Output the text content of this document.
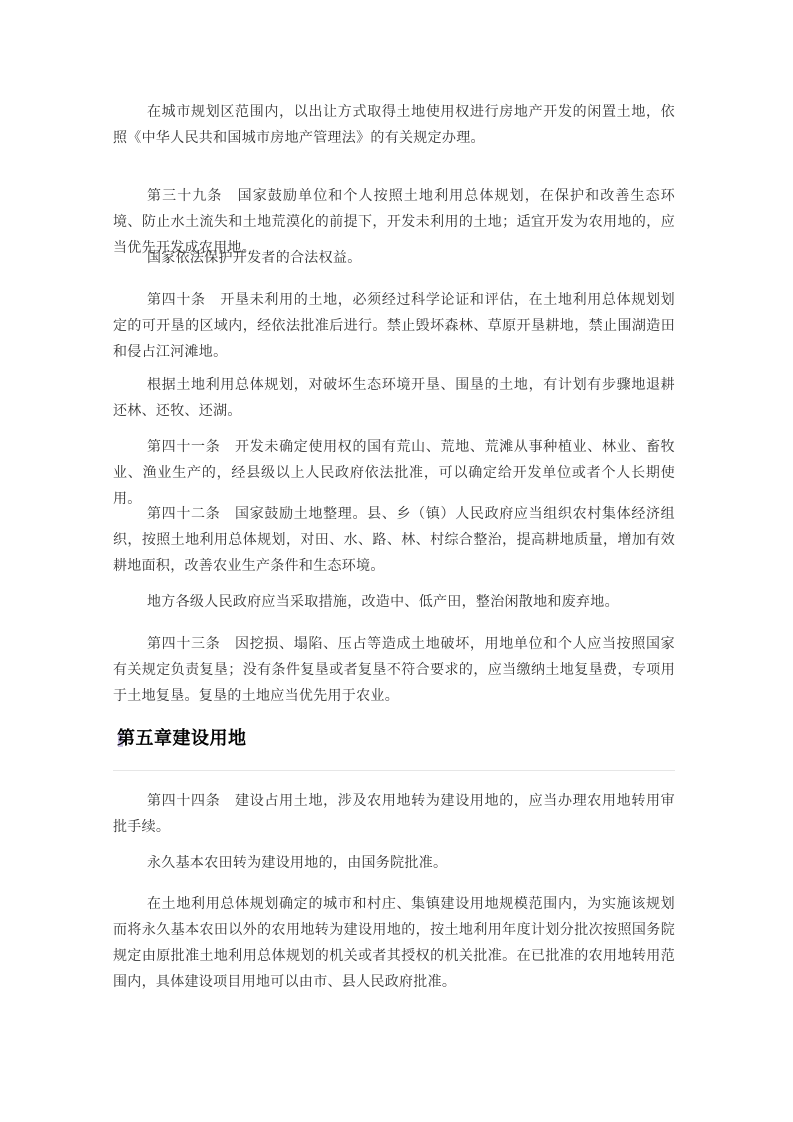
在城市规划区范围内，以出让方式取得土地使用权进行房地产开发的闲置土地，依照《中华人民共和国城市房地产管理法》的有关规定办理。

第三十九条　国家鼓励单位和个人按照土地利用总体规划，在保护和改善生态环境、防止水土流失和土地荒漠化的前提下，开发未利用的土地；适宜开发为农用地的，应当优先开发成农用地。

国家依法保护开发者的合法权益。

第四十条　开垦未利用的土地，必须经过科学论证和评估，在土地利用总体规划划定的可开垦的区域内，经依法批准后进行。禁止毁坏森林、草原开垦耕地，禁止围湖造田和侵占江河滩地。

根据土地利用总体规划，对破坏生态环境开垦、围垦的土地，有计划有步骤地退耕还林、还牧、还湖。

第四十一条　开发未确定使用权的国有荒山、荒地、荒滩从事种植业、林业、畜牧业、渔业生产的，经县级以上人民政府依法批准，可以确定给开发单位或者个人长期使用。

第四十二条　国家鼓励土地整理。县、乡（镇）人民政府应当组织农村集体经济组织，按照土地利用总体规划，对田、水、路、林、村综合整治，提高耕地质量，增加有效耕地面积，改善农业生产条件和生态环境。

地方各级人民政府应当采取措施，改造中、低产田，整治闲散地和废弃地。

第四十三条　因挖损、塌陷、压占等造成土地破坏，用地单位和个人应当按照国家有关规定负责复垦；没有条件复垦或者复垦不符合要求的，应当缴纳土地复垦费，专项用于土地复垦。复垦的土地应当优先用于农业。

第五章建设用地

第四十四条　建设占用土地，涉及农用地转为建设用地的，应当办理农用地转用审批手续。

永久基本农田转为建设用地的，由国务院批准。

在土地利用总体规划确定的城市和村庄、集镇建设用地规模范围内，为实施该规划而将永久基本农田以外的农用地转为建设用地的，按土地利用年度计划分批次按照国务院规定由原批准土地利用总体规划的机关或者其授权的机关批准。在已批准的农用地转用范围内，具体建设项目用地可以由市、县人民政府批准。
